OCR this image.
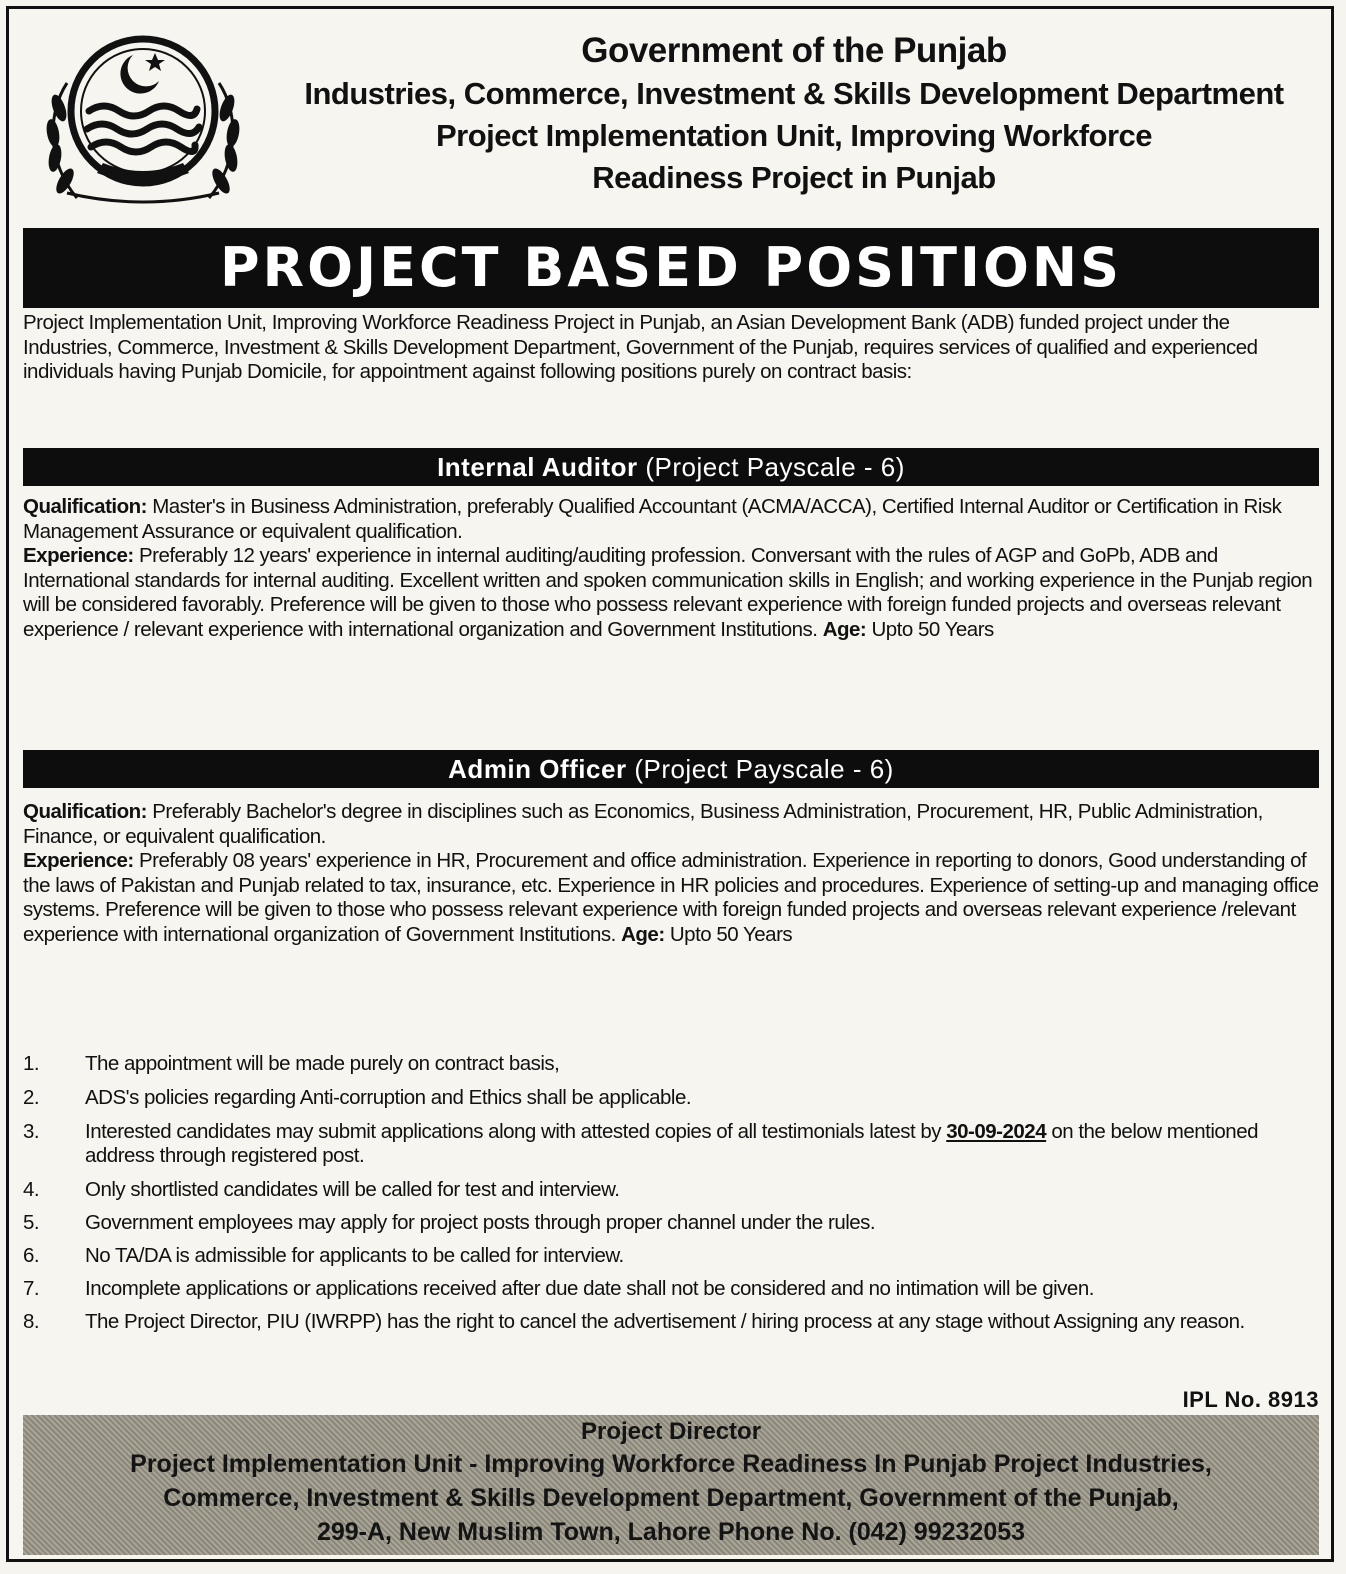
Government of the Punjab
Industries, Commerce, Investment & Skills Development Department
Project Implementation Unit, Improving Workforce
Readiness Project in Punjab
PROJECT BASED POSITIONS
Project Implementation Unit, Improving Workforce Readiness Project in Punjab, an Asian Development Bank (ADB) funded project under the Industries, Commerce, Investment & Skills Development Department, Government of the Punjab, requires services of qualified and experienced individuals having Punjab Domicile, for appointment against following positions purely on contract basis:
Internal Auditor (Project Payscale - 6)
Qualification: Master's in Business Administration, preferably Qualified Accountant (ACMA/ACCA), Certified Internal Auditor or Certification in Risk Management Assurance or equivalent qualification.
Experience: Preferably 12 years' experience in internal auditing/auditing profession. Conversant with the rules of AGP and GoPb, ADB and International standards for internal auditing. Excellent written and spoken communication skills in English; and working experience in the Punjab region will be considered favorably. Preference will be given to those who possess relevant experience with foreign funded projects and overseas relevant experience / relevant experience with international organization and Government Institutions. Age: Upto 50 Years
Admin Officer (Project Payscale - 6)
Qualification: Preferably Bachelor's degree in disciplines such as Economics, Business Administration, Procurement, HR, Public Administration, Finance, or equivalent qualification.
Experience: Preferably 08 years' experience in HR, Procurement and office administration. Experience in reporting to donors, Good understanding of the laws of Pakistan and Punjab related to tax, insurance, etc. Experience in HR policies and procedures. Experience of setting-up and managing office systems. Preference will be given to those who possess relevant experience with foreign funded projects and overseas relevant experience /relevant experience with international organization of Government Institutions. Age: Upto 50 Years
1. The appointment will be made purely on contract basis,
2. ADS's policies regarding Anti-corruption and Ethics shall be applicable.
3. Interested candidates may submit applications along with attested copies of all testimonials latest by 30-09-2024 on the below mentioned address through registered post.
4. Only shortlisted candidates will be called for test and interview.
5. Government employees may apply for project posts through proper channel under the rules.
6. No TA/DA is admissible for applicants to be called for interview.
7. Incomplete applications or applications received after due date shall not be considered and no intimation will be given.
8. The Project Director, PIU (IWRPP) has the right to cancel the advertisement / hiring process at any stage without Assigning any reason.
IPL No. 8913
Project Director
Project Implementation Unit - Improving Workforce Readiness In Punjab Project Industries,
Commerce, Investment & Skills Development Department, Government of the Punjab,
299-A, New Muslim Town, Lahore Phone No. (042) 99232053
